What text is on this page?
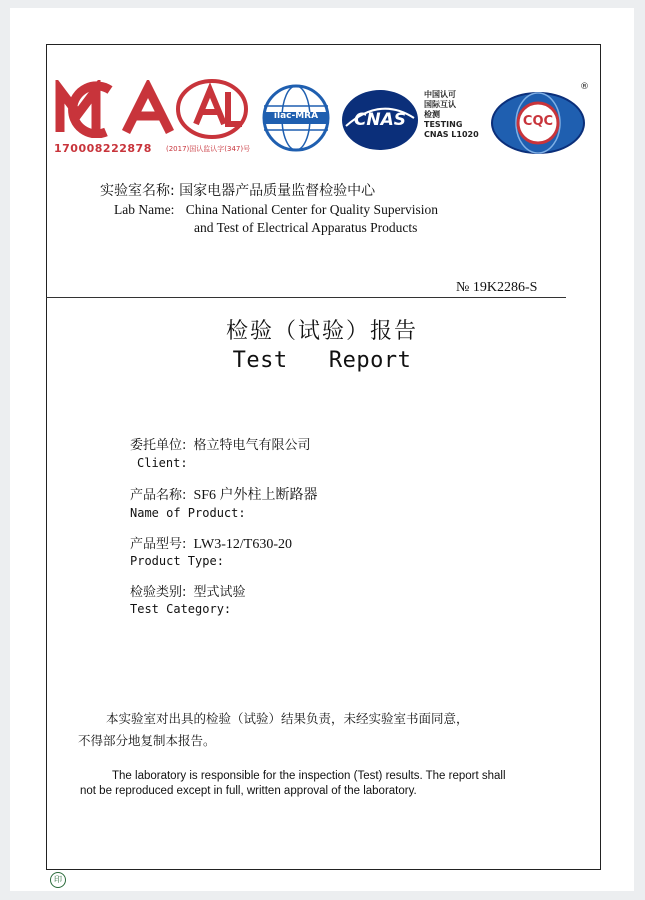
170008222878 (2017)国认监认字(347)号
ilac-MRA	CNAS
中国认可
国际互认
检测
TESTING
CNAS L1020
CQC
®
实验室名称: 国家电器产品质量监督检验中心
Lab Name: China National Center for Quality Supervision
and Test of Electrical Apparatus Products
№ 19K2286-S
检验（试验）报告
Test   Report
委托单位: 格立特电气有限公司
Client:
产品名称: SF6 户外柱上断路器
Name of Product:
产品型号: LW3-12/T630-20
Product Type:
检验类别: 型式试验
Test Category:
本实验室对出具的检验（试验）结果负责，未经实验室书面同意，
不得部分地复制本报告。
The laboratory is responsible for the inspection (Test) results. The report shall
not be reproduced except in full, written approval of the laboratory.
印
